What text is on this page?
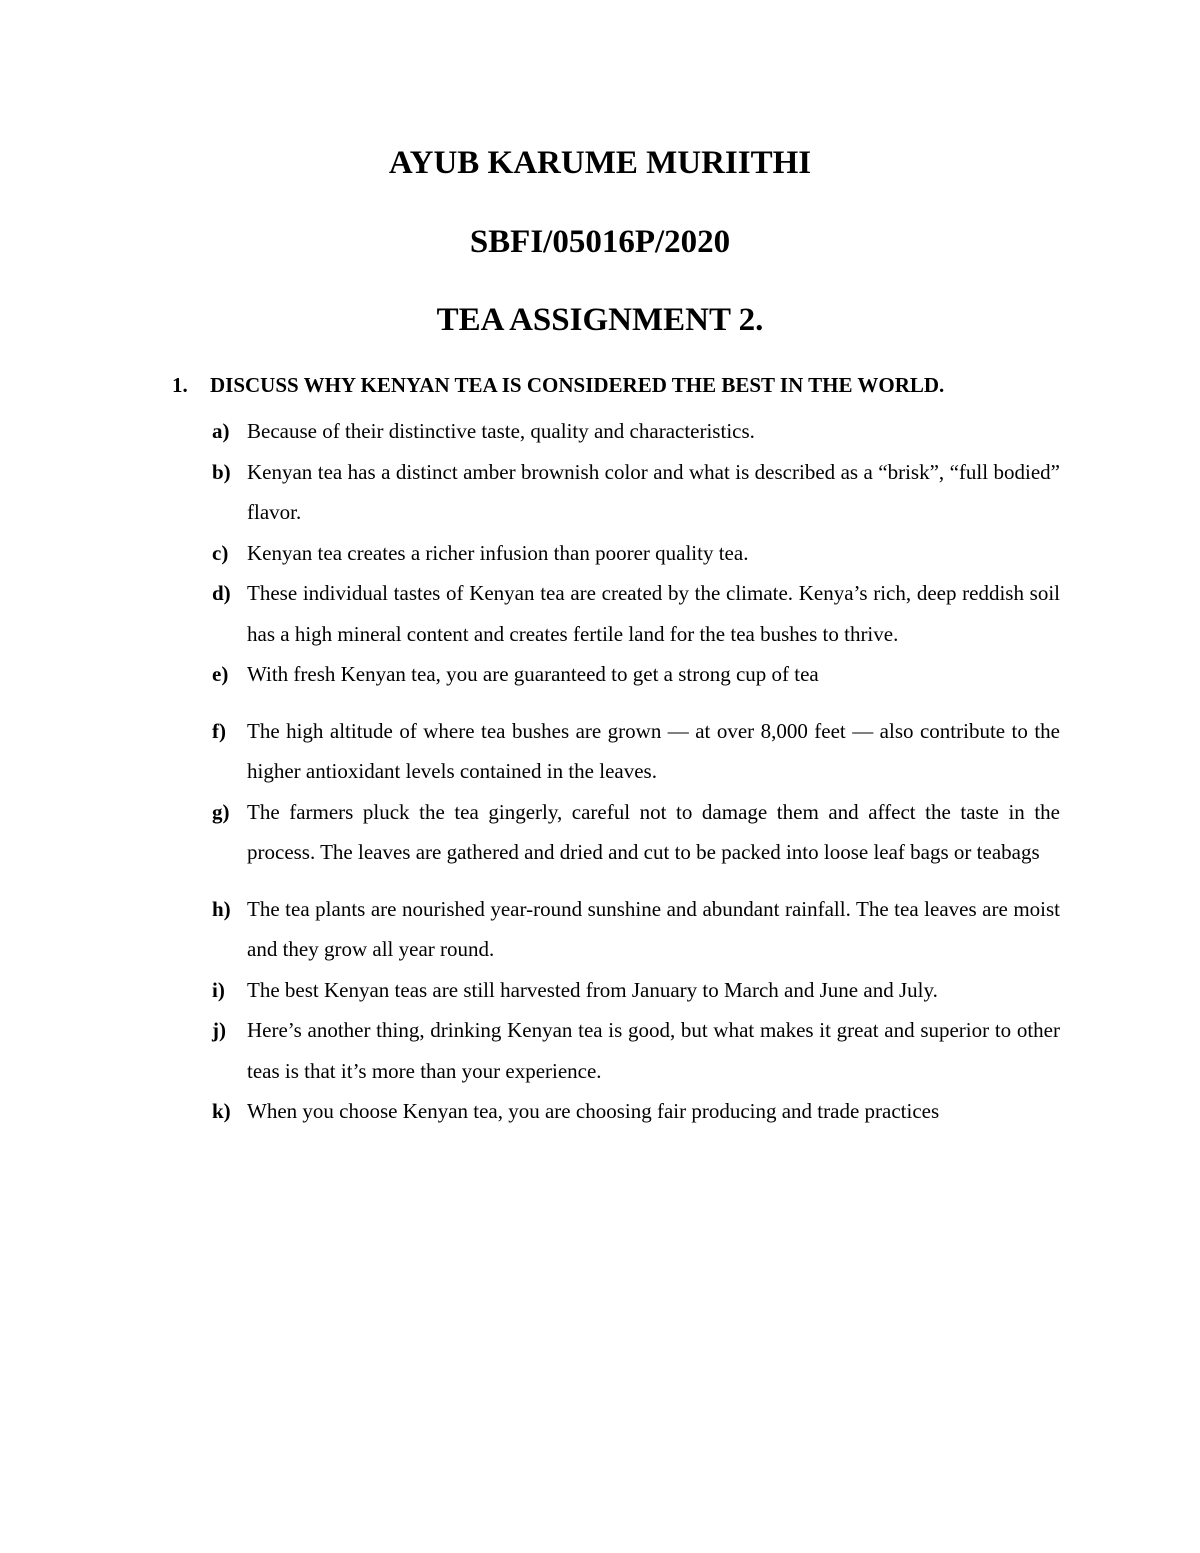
AYUB KARUME MURIITHI
SBFI/05016P/2020
TEA ASSIGNMENT 2.
1. DISCUSS WHY KENYAN TEA IS CONSIDERED THE BEST IN THE WORLD.
a) Because of their distinctive taste, quality and characteristics.
b) Kenyan tea has a distinct amber brownish color and what is described as a “brisk”, “full bodied” flavor.
c) Kenyan tea creates a richer infusion than poorer quality tea.
d) These individual tastes of Kenyan tea are created by the climate. Kenya’s rich, deep reddish soil has a high mineral content and creates fertile land for the tea bushes to thrive.
e) With fresh Kenyan tea, you are guaranteed to get a strong cup of tea
f) The high altitude of where tea bushes are grown — at over 8,000 feet — also contribute to the higher antioxidant levels contained in the leaves.
g) The farmers pluck the tea gingerly, careful not to damage them and affect the taste in the process. The leaves are gathered and dried and cut to be packed into loose leaf bags or teabags
h) The tea plants are nourished year-round sunshine and abundant rainfall. The tea leaves are moist and they grow all year round.
i) The best Kenyan teas are still harvested from January to March and June and July.
j) Here’s another thing, drinking Kenyan tea is good, but what makes it great and superior to other teas is that it’s more than your experience.
k) When you choose Kenyan tea, you are choosing fair producing and trade practices
